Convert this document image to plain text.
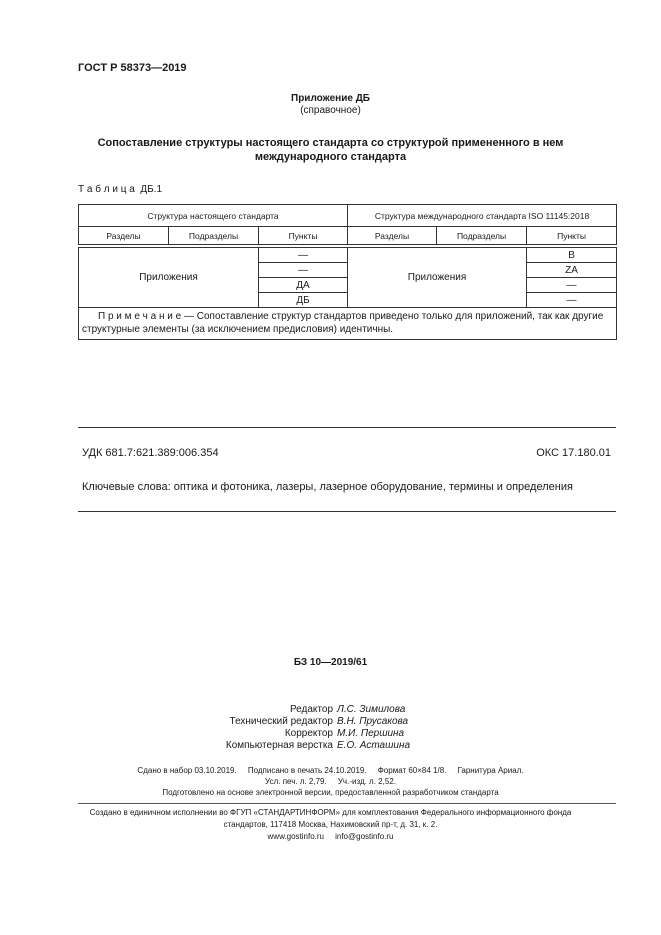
ГОСТ Р 58373—2019
Приложение ДБ
(справочное)
Сопоставление структуры настоящего стандарта со структурой примененного в нем
международного стандарта
Т а б л и ц а  ДБ.1
Структура настоящего стандарта			Структура международного стандарта ISO 11145:2018		
Разделы	Подразделы	Пункты	Разделы	Подразделы	Пункты

Приложения		—	Приложения		B
		—			ZA
		ДА			—
		ДБ			—
П р и м е ч а н и е — Сопоставление структур стандартов приведено только для приложений, так как другие
структурные элементы (за исключением предисловия) идентичны.					
УДК 681.7:621.389:006.354	ОКС 17.180.01
Ключевые слова: оптика и фотоника, лазеры, лазерное оборудование, термины и определения
БЗ 10—2019/61
Редактор Л.С. Зимилова
Технический редактор В.Н. Прусакова
Корректор М.И. Першина
Компьютерная верстка Е.О. Асташина
Сдано в набор 03.10.2019.     Подписано в печать 24.10.2019.     Формат 60×84 1/8.     Гарнитура Ариал.
Усл. печ. л. 2,79.     Уч.-изд. л. 2,52.
Подготовлено на основе электронной версии, предоставленной разработчиком стандарта
Создано в единичном исполнении во ФГУП «СТАНДАРТИНФОРМ» для комплектования Федерального информационного фонда
стандартов, 117418 Москва, Нахимовский пр-т, д. 31, к. 2.
www.gostinfo.ru     info@gostinfo.ru
